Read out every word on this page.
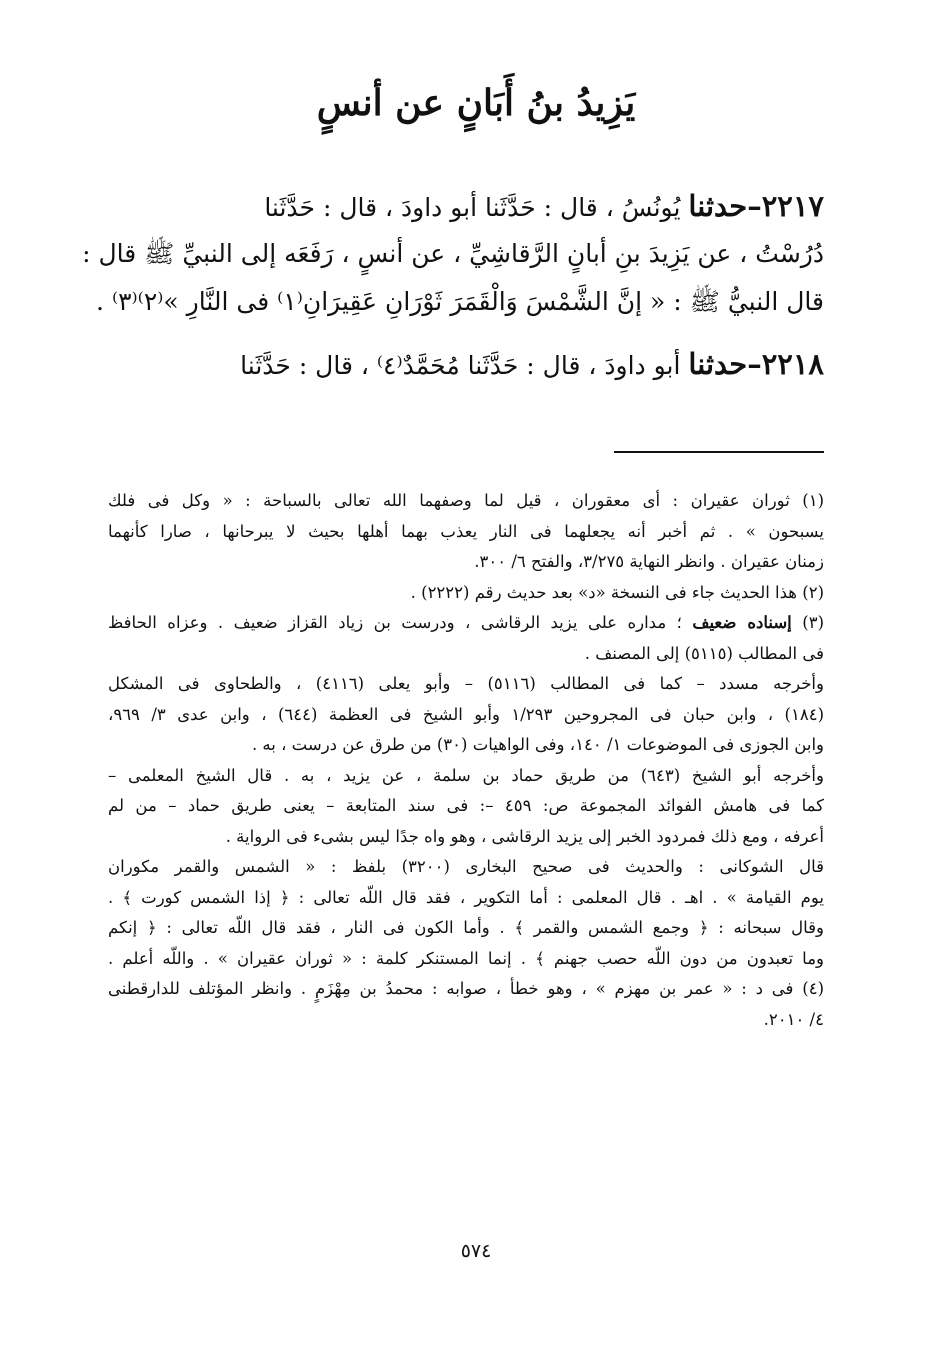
يَزِيدُ بنُ أَبَانٍ عن أنسٍ
٢٢١٧–حدثنا يُونُسُ ، قال : حَدَّثَنا أبو داودَ ، قال : حَدَّثَنا
دُرُسْتُ ، عن يَزِيدَ بنِ أبانٍ الرَّقاشِيِّ ، عن أنسٍ ، رَفَعَه إلى النبيِّ ﷺ قال :
قال النبيُّ ﷺ : « إنَّ الشَّمْسَ وَالْقَمَرَ ثَوْرَانِ عَقِيرَانِ⁽١⁾ فى النَّارِ »⁽٢⁾⁽٣⁾ .
٢٢١٨–حدثنا أبو داودَ ، قال : حَدَّثَنا مُحَمَّدٌ⁽٤⁾ ، قال : حَدَّثَنا
(١) ثوران عقيران : أى معقوران ، قيل لما وصفهما الله تعالى بالسباحة : « وكل فى فلك
يسبحون » . ثم أخبر أنه يجعلهما فى النار يعذب بهما أهلها بحيث لا يبرحانها ، صارا كأنهما
زمنان عقيران . وانظر النهاية ٣/٢٧٥، والفتح ٦/ ٣٠٠.
(٢) هذا الحديث جاء فى النسخة «د» بعد حديث رقم (٢٢٢٢) .
(٣) إسناده ضعيف ؛ مداره على يزيد الرقاشى ، ودرست بن زياد القزاز ضعيف . وعزاه الحافظ
فى المطالب (٥١١٥) إلى المصنف .
وأخرجه مسدد – كما فى المطالب (٥١١٦) – وأبو يعلى (٤١١٦) ، والطحاوى فى المشكل
(١٨٤) ، وابن حبان فى المجروحين ١/٢٩٣ وأبو الشيخ فى العظمة (٦٤٤) ، وابن عدى ٣/ ٩٦٩،
وابن الجوزى فى الموضوعات ١/ ١٤٠، وفى الواهيات (٣٠) من طرق عن درست ، به .
وأخرجه أبو الشيخ (٦٤٣) من طريق حماد بن سلمة ، عن يزيد ، به . قال الشيخ المعلمى –
كما فى هامش الفوائد المجموعة ص: ٤٥٩ –: فى سند المتابعة – يعنى طريق حماد – من لم
أعرفه ، ومع ذلك فمردود الخبر إلى يزيد الرقاشى ، وهو واه جدًا ليس بشىء فى الرواية .
قال الشوكانى : والحديث فى صحيح البخارى (٣٢٠٠) بلفظ : « الشمس والقمر مكوران
يوم القيامة » . اهـ . قال المعلمى : أما التكوير ، فقد قال اللّه تعالى : ﴿ إذا الشمس كورت ﴾ .
وقال سبحانه : ﴿ وجمع الشمس والقمر ﴾ . وأما الكون فى النار ، فقد قال اللّه تعالى : ﴿ إنكم
وما تعبدون من دون اللّه حصب جهنم ﴾ . إنما المستنكر كلمة : « ثوران عقيران » . واللّه أعلم .
(٤) فى د : « عمر بن مهزم » ، وهو خطأ ، صوابه : محمدُ بن مِهْزَمٍ . وانظر المؤتلف للدارقطنى
٤/ ٢٠١٠.
٥٧٤
